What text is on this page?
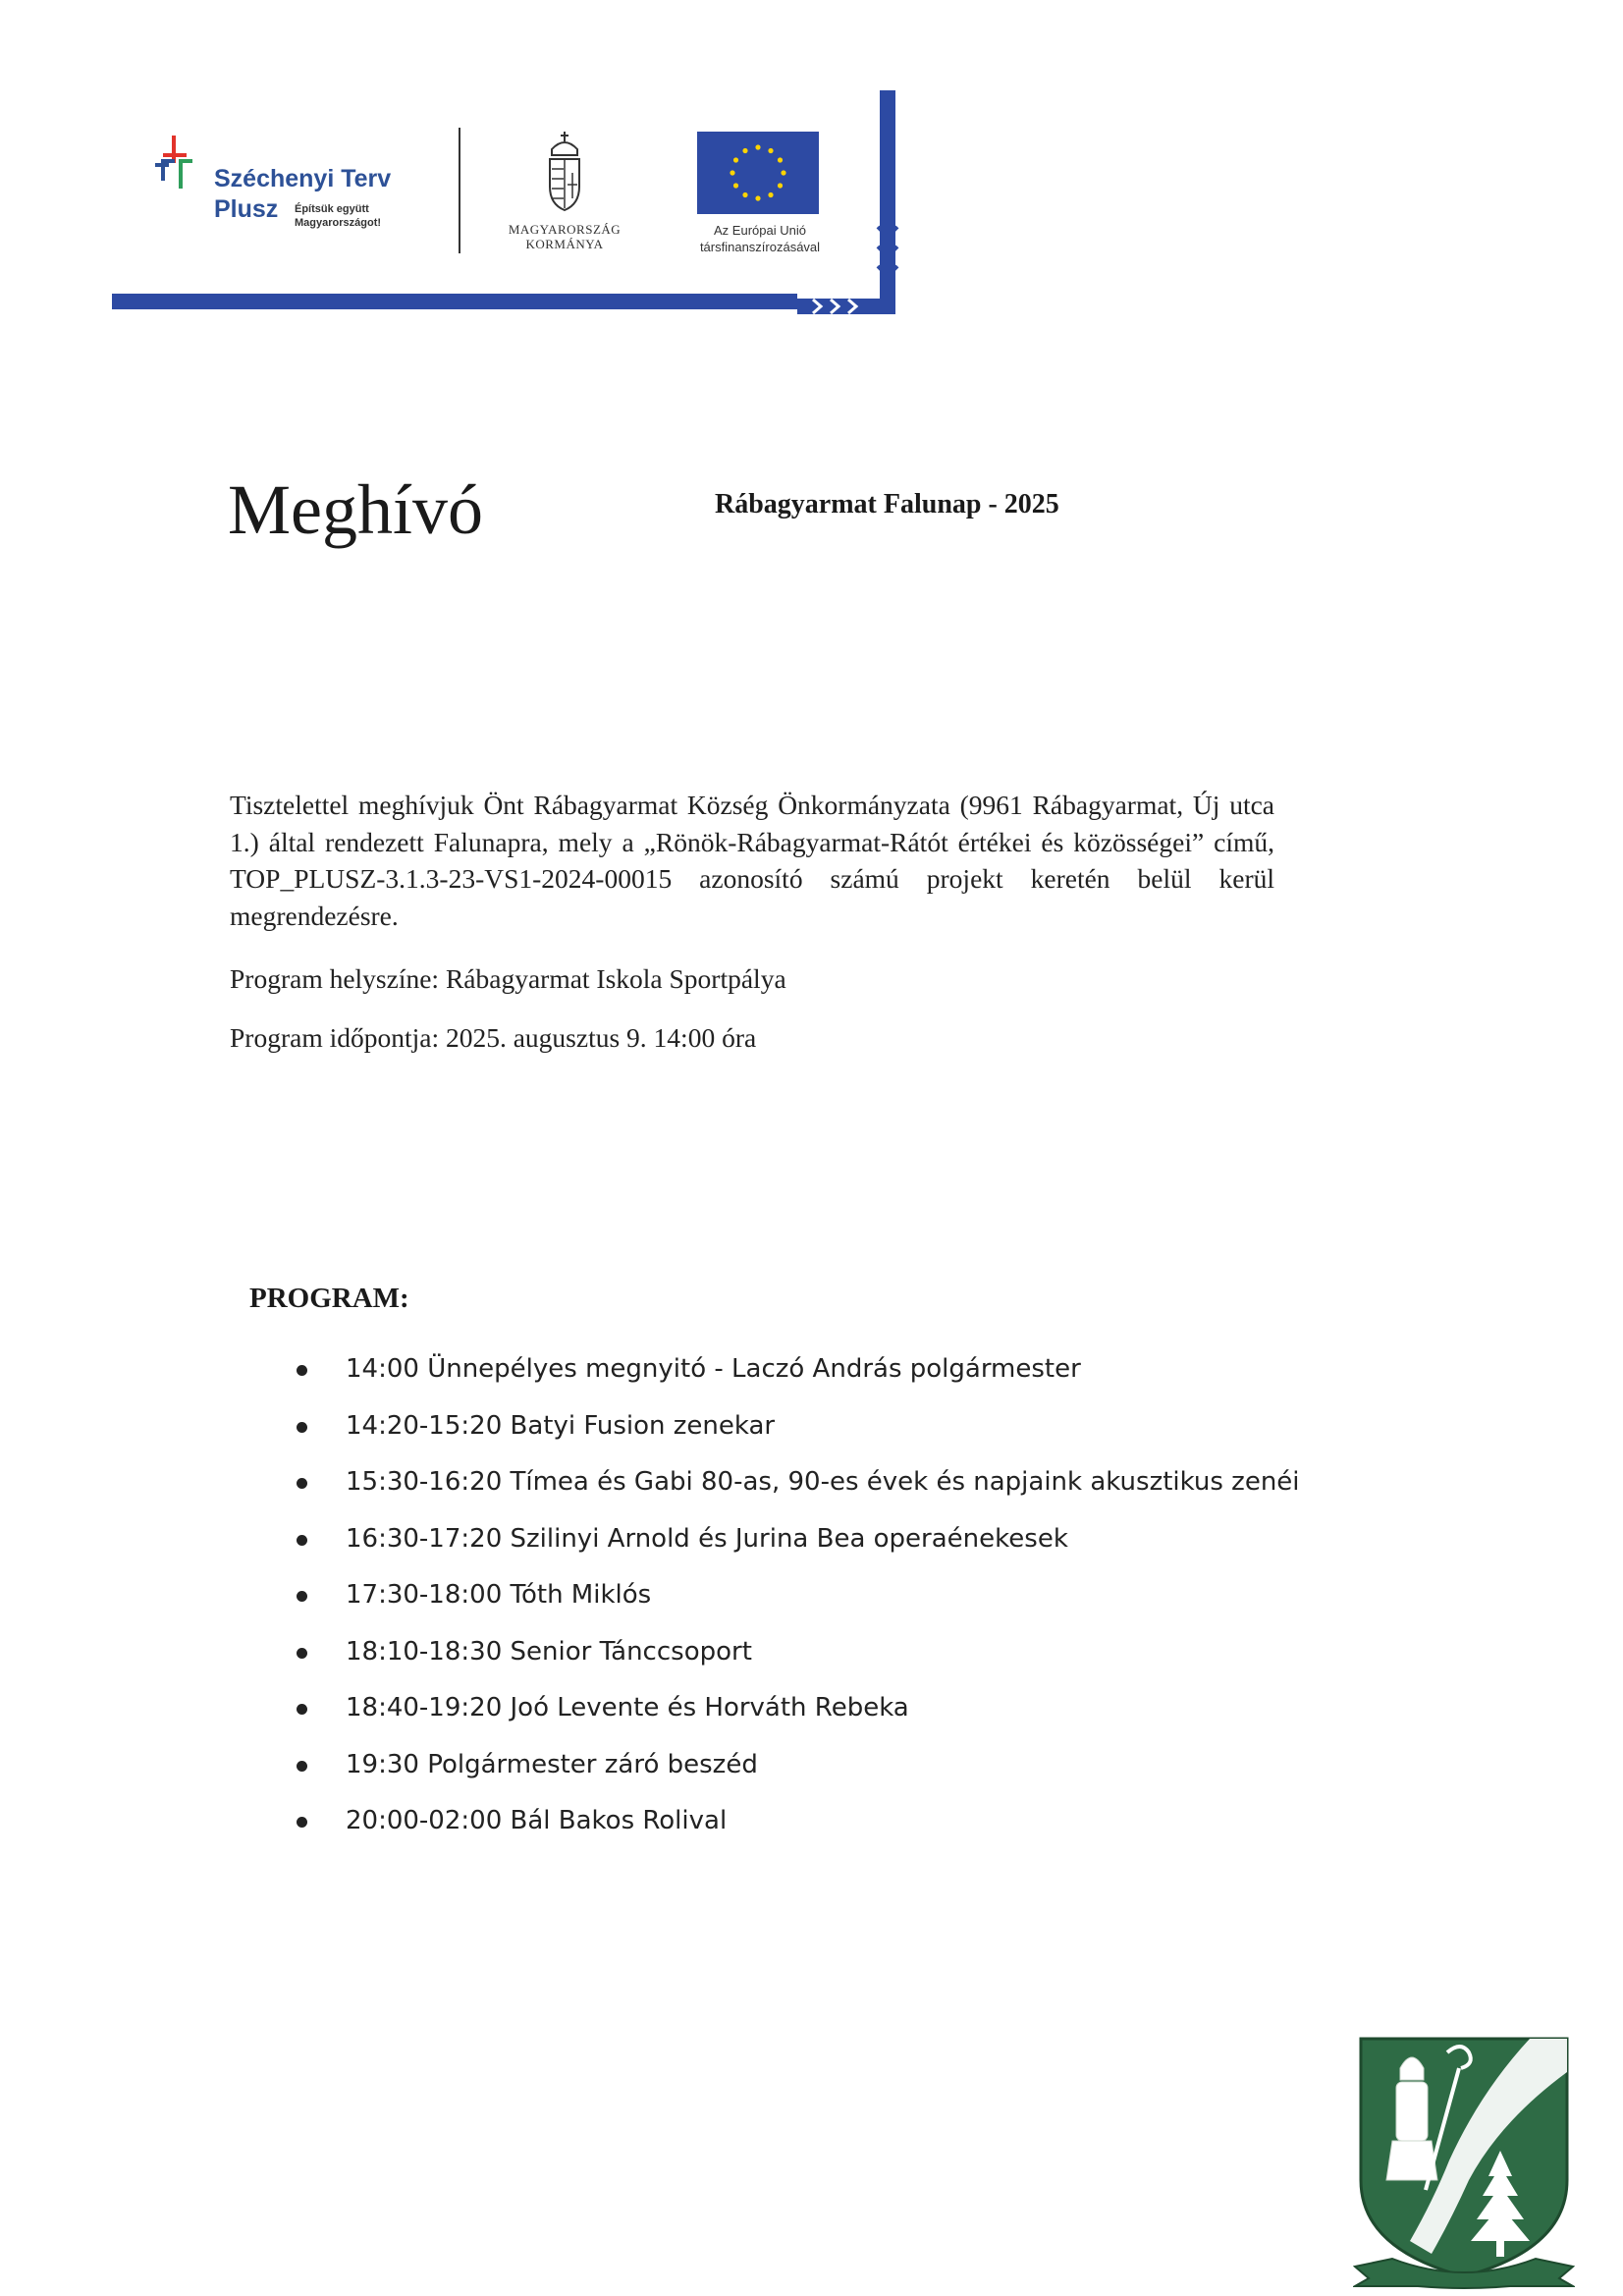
Széchenyi Terv
Plusz Építsük együtt Magyarországot!	MAGYARORSZÁG
KORMÁNYA
Az Európai Unió
társfinanszírozásával
Meghívó	Rábagyarmat Falunap - 2025
Tisztelettel meghívjuk Önt Rábagyarmat Község Önkormányzata (9961 Rábagyarmat, Új utca 1.) által rendezett Falunapra, mely a „Rönök-Rábagyarmat-Rátót értékei és közösségei” című, TOP_PLUSZ-3.1.3-23-VS1-2024-00015 azonosító számú projekt keretén belül kerül megrendezésre.
Program helyszíne: Rábagyarmat Iskola Sportpálya
Program időpontja: 2025. augusztus 9. 14:00 óra
PROGRAM:
14:00 Ünnepélyes megnyitó - Laczó András polgármester
14:20-15:20 Batyi Fusion zenekar
15:30-16:20 Tímea és Gabi 80-as, 90-es évek és napjaink akusztikus zenéi
16:30-17:20 Szilinyi Arnold és Jurina Bea operaénekesek
17:30-18:00 Tóth Miklós
18:10-18:30 Senior Tánccsoport
18:40-19:20 Joó Levente és Horváth Rebeka
19:30 Polgármester záró beszéd
20:00-02:00 Bál Bakos Rolival
